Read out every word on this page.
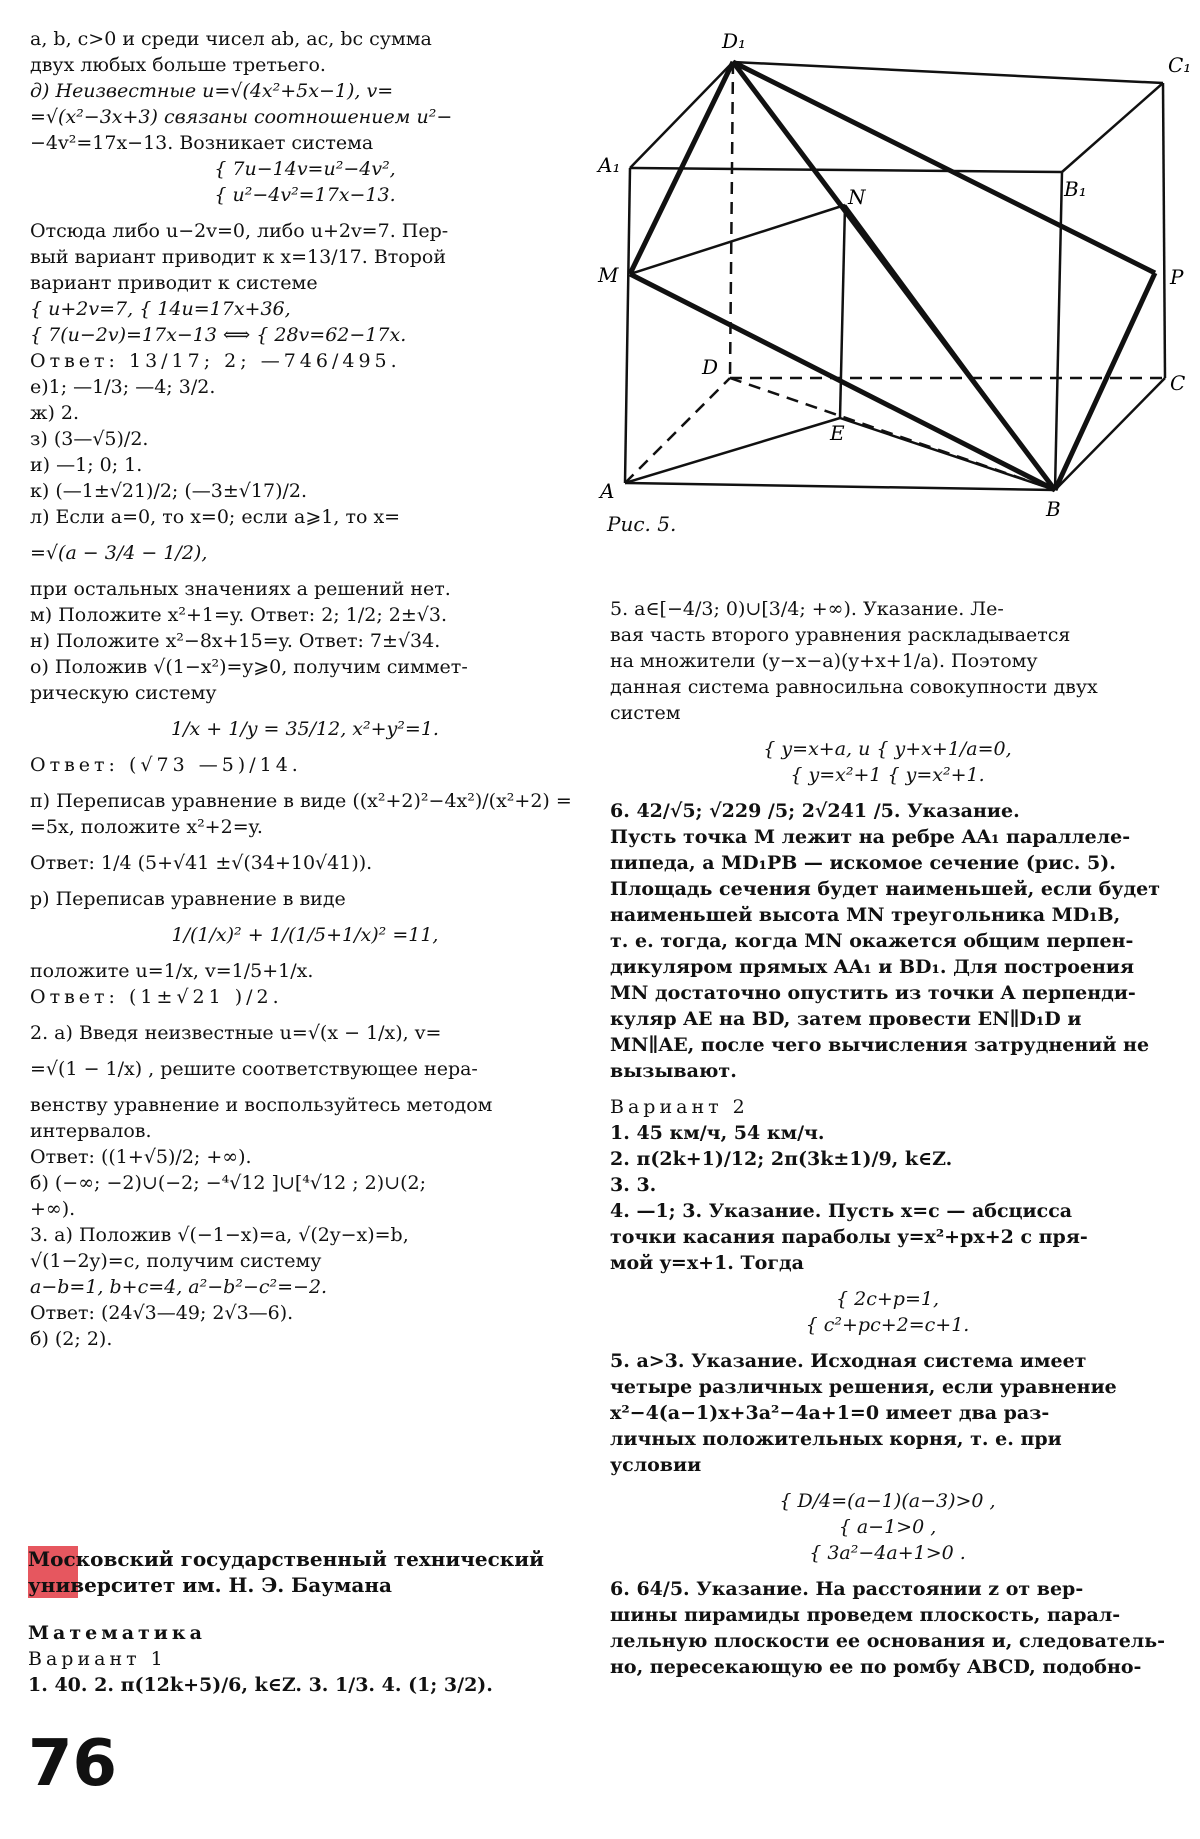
a, b, c>0 и среди чисел ab, ac, bc сумма
двух любых больше третьего.
д) Неизвестные u=√(4x²+5x−1), v=
=√(x²−3x+3) связаны соотношением u²−
−4v²=17x−13. Возникает система
{ 7u−14v=u²−4v²,
{ u²−4v²=17x−13.
Отсюда либо u−2v=0, либо u+2v=7. Пер-
вый вариант приводит к x=13/17. Второй
вариант приводит к системе
{ u+2v=7, { 14u=17x+36,
{ 7(u−2v)=17x−13 ⟺ { 28v=62−17x.
Ответ: 13/17; 2; —746/495.
е)1; —1/3; —4; 3/2.
ж) 2.
з) (3—√5)/2.
и) —1; 0; 1.
к) (—1±√21)/2; (—3±√17)/2.
л) Если a=0, то x=0; если a⩾1, то x=
=√(a − 3/4 − 1/2),
при остальных значениях a решений нет.
м) Положите x²+1=y. Ответ: 2; 1/2; 2±√3.
н) Положите x²−8x+15=y. Ответ: 7±√34.
о) Положив √(1−x²)=y⩾0, получим симмет-
рическую систему
1/x + 1/y = 35/12, x²+y²=1.
Ответ: (√73 —5)/14.
п) Переписав уравнение в виде ((x²+2)²−4x²)/(x²+2) =
=5x, положите x²+2=y.
Ответ: 1/4 (5+√41 ±√(34+10√41)).
р) Переписав уравнение в виде
1/(1/x)² + 1/(1/5+1/x)² =11,
положите u=1/x, v=1/5+1/x.
Ответ: (1±√21 )/2.
2. а) Введя неизвестные u=√(x − 1/x), v=
=√(1 − 1/x) , решите соответствующее нера-
венству уравнение и воспользуйтесь методом
интервалов.
Ответ: ((1+√5)/2; +∞).
б) (−∞; −2)∪(−2; −⁴√12 ]∪[⁴√12 ; 2)∪(2;
+∞).
3. а) Положив √(−1−x)=a, √(2y−x)=b,
√(1−2y)=c, получим систему
a−b=1, b+c=4, a²−b²−c²=−2.
Ответ: (24√3—49; 2√3—6).
б) (2; 2).
Московский государственный технический
университет им. Н. Э. Баумана
Математика
Вариант 1
1. 40. 2. π(12k+5)/6, k∈Z. 3. 1/3. 4. (1; 3/2).
76
D₁
C₁
A₁
B₁
N
M	P
D
C
E
A
B
Рис. 5.
5. a∈[−4/3; 0)∪[3/4; +∞). Указание. Ле-
вая часть второго уравнения раскладывается
на множители (y−x−a)(y+x+1/a). Поэтому
данная система равносильна совокупности двух
систем
{ y=x+a, и { y+x+1/a=0,
{ y=x²+1 { y=x²+1.
6. 42/√5; √229 /5; 2√241 /5. Указание.
Пусть точка M лежит на ребре AA₁ параллеле-
пипеда, а MD₁PB — искомое сечение (рис. 5).
Площадь сечения будет наименьшей, если будет
наименьшей высота MN треугольника MD₁B,
т. е. тогда, когда MN окажется общим перпен-
дикуляром прямых AA₁ и BD₁. Для построения
MN достаточно опустить из точки A перпенди-
куляр AE на BD, затем провести EN∥D₁D и
MN∥AE, после чего вычисления затруднений не
вызывают.
Вариант 2
1. 45 км/ч, 54 км/ч.
2. π(2k+1)/12; 2π(3k±1)/9, k∈Z.
3. 3.
4. —1; 3. Указание. Пусть x=c — абсцисса
точки касания параболы y=x²+px+2 с пря-
мой y=x+1. Тогда
{ 2c+p=1,
{ c²+pc+2=c+1.
5. a>3. Указание. Исходная система имеет
четыре различных решения, если уравнение
x²−4(a−1)x+3a²−4a+1=0 имеет два раз-
личных положительных корня, т. е. при
условии
{ D/4=(a−1)(a−3)>0 ,
{ a−1>0 ,
{ 3a²−4a+1>0 .
6. 64/5. Указание. На расстоянии z от вер-
шины пирамиды проведем плоскость, парал-
лельную плоскости ее основания и, следователь-
но, пересекающую ее по ромбу ABCD, подобно-
